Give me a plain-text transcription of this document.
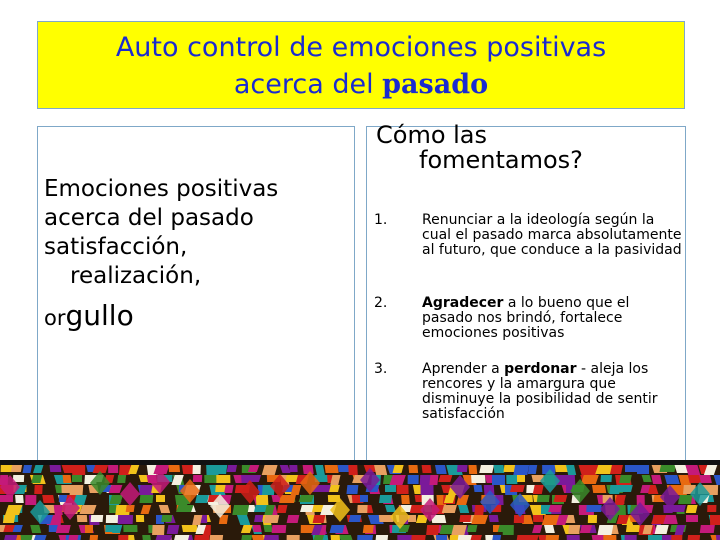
Auto control de emociones positivas
acerca del pasado
Emociones positivas
acerca del pasado
satisfacción,
realización,
orgullo
Cómo las
fomentamos?
1. Renunciar a la ideología según la cual el pasado marca absolutamente al futuro, que conduce a la pasividad
2. Agradecer a lo bueno que el pasado nos brindó, fortalece emociones positivas
3. Aprender a perdonar - aleja los rencores y la amargura que disminuye la posibilidad de sentir satisfacción
